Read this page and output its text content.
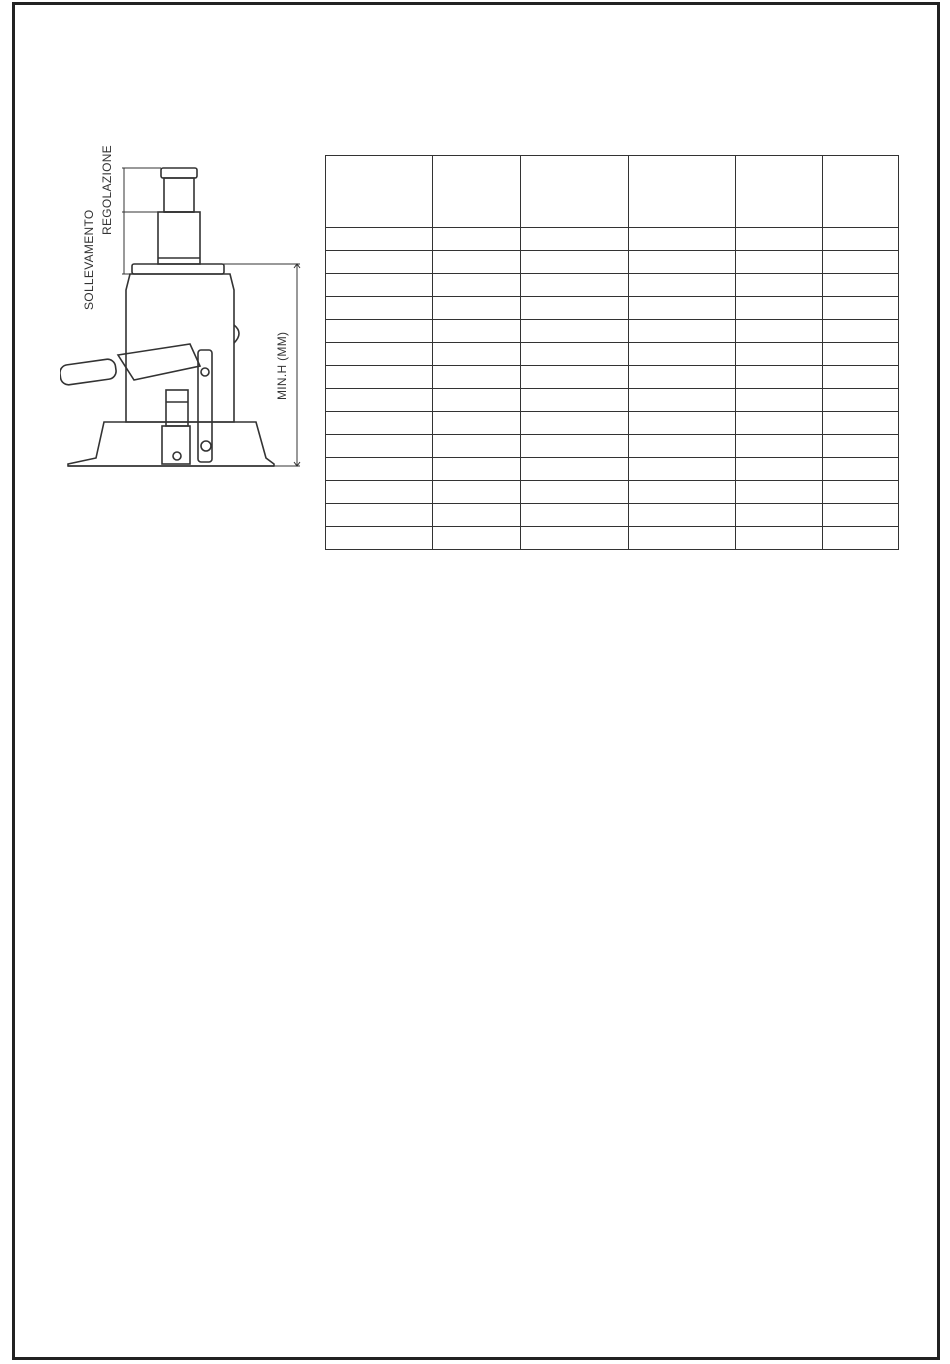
REGOLAZIONE
SOLLEVAMENTO
MIN.H (MM)
